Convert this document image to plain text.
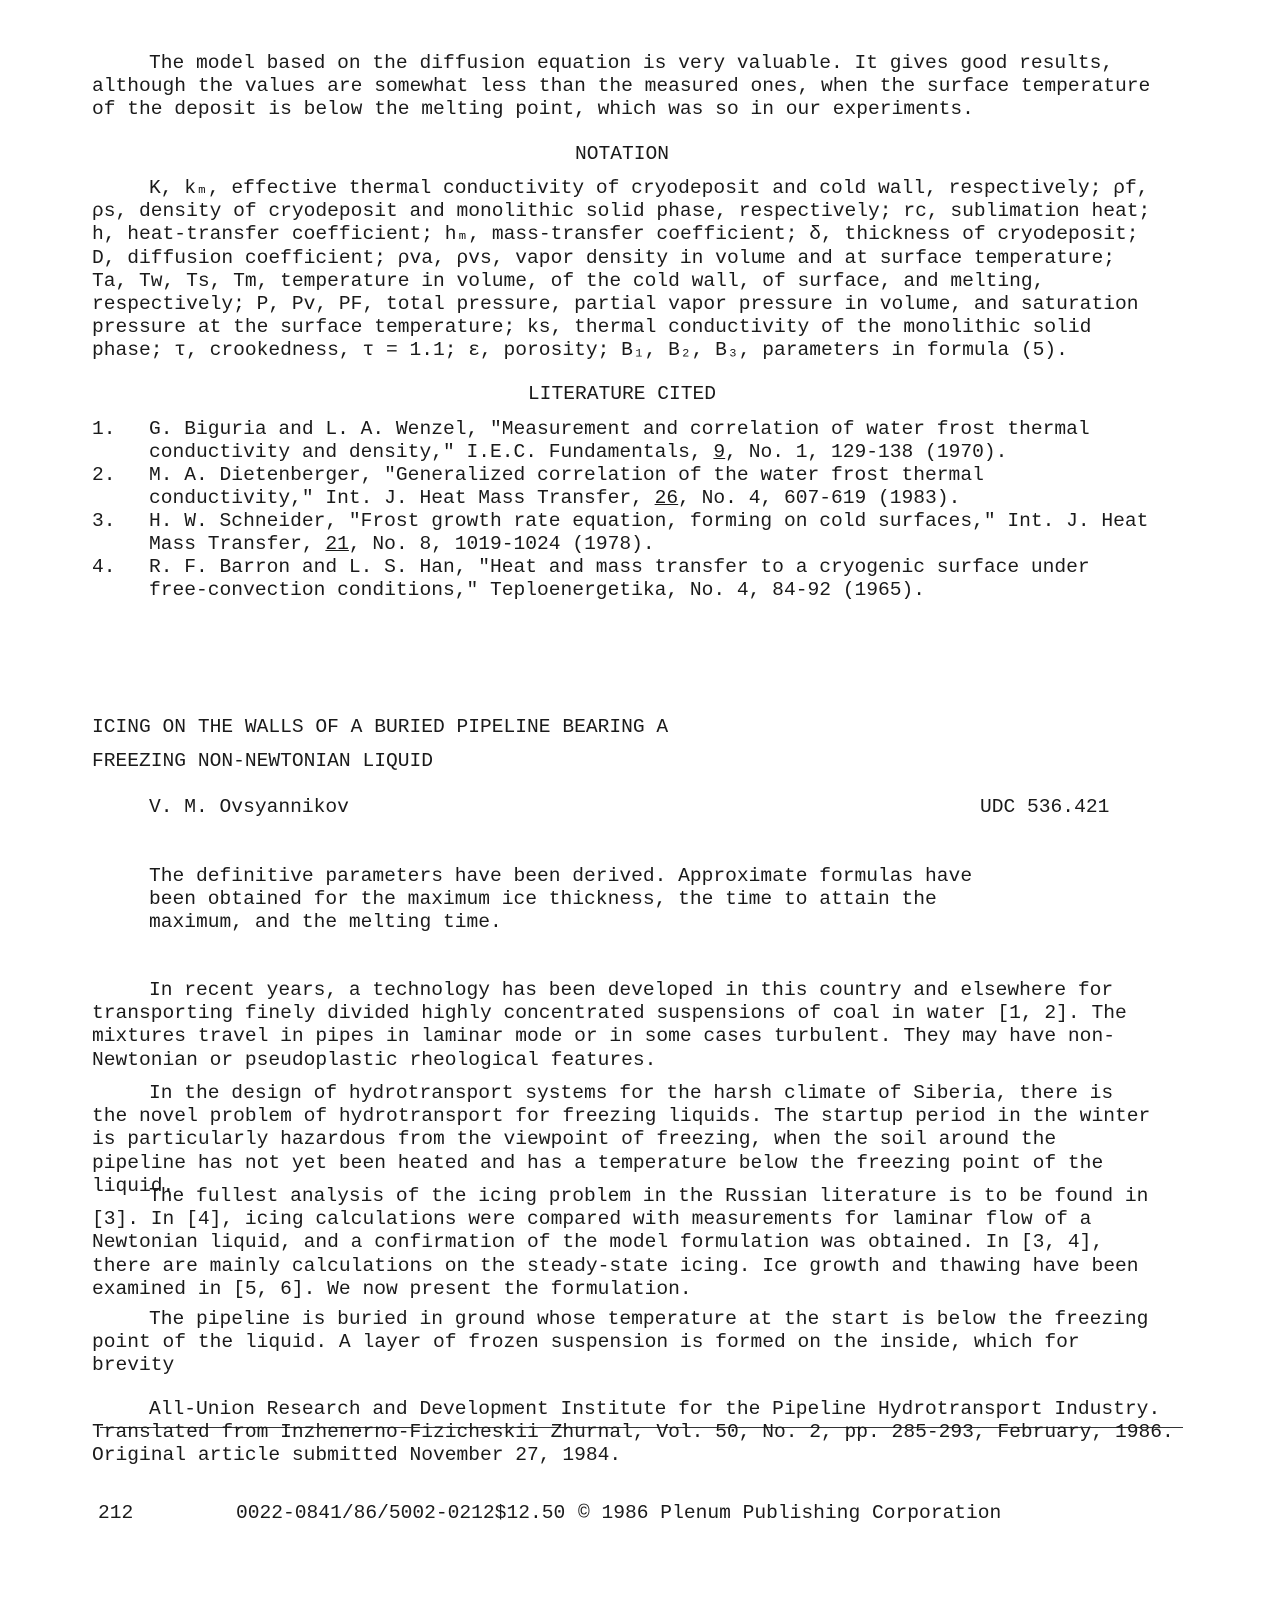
The model based on the diffusion equation is very valuable. It gives good results, although the values are somewhat less than the measured ones, when the surface temperature of the deposit is below the melting point, which was so in our experiments.

NOTATION

K, kₘ, effective thermal conductivity of cryodeposit and cold wall, respectively; ρf, ρs, density of cryodeposit and monolithic solid phase, respectively; rc, sublimation heat; h, heat-transfer coefficient; hₘ, mass-transfer coefficient; δ, thickness of cryodeposit; D, diffusion coefficient; ρva, ρvs, vapor density in volume and at surface temperature; Ta, Tw, Ts, Tm, temperature in volume, of the cold wall, of surface, and melting, respectively; P, Pv, PF, total pressure, partial vapor pressure in volume, and saturation pressure at the surface temperature; ks, thermal conductivity of the monolithic solid phase; τ, crookedness, τ = 1.1; ε, porosity; B₁, B₂, B₃, parameters in formula (5).

LITERATURE CITED

1. G. Biguria and L. A. Wenzel, "Measurement and correlation of water frost thermal conductivity and density," I.E.C. Fundamentals, 9, No. 1, 129-138 (1970).
2. M. A. Dietenberger, "Generalized correlation of the water frost thermal conductivity," Int. J. Heat Mass Transfer, 26, No. 4, 607-619 (1983).
3. H. W. Schneider, "Frost growth rate equation, forming on cold surfaces," Int. J. Heat Mass Transfer, 21, No. 8, 1019-1024 (1978).
4. R. F. Barron and L. S. Han, "Heat and mass transfer to a cryogenic surface under free-convection conditions," Teploenergetika, No. 4, 84-92 (1965).

ICING ON THE WALLS OF A BURIED PIPELINE BEARING A

FREEZING NON-NEWTONIAN LIQUID

V. M. Ovsyannikov	UDC 536.421

The definitive parameters have been derived. Approximate formulas have been obtained for the maximum ice thickness, the time to attain the maximum, and the melting time.

In recent years, a technology has been developed in this country and elsewhere for transporting finely divided highly concentrated suspensions of coal in water [1, 2]. The mixtures travel in pipes in laminar mode or in some cases turbulent. They may have non-Newtonian or pseudoplastic rheological features.

In the design of hydrotransport systems for the harsh climate of Siberia, there is the novel problem of hydrotransport for freezing liquids. The startup period in the winter is particularly hazardous from the viewpoint of freezing, when the soil around the pipeline has not yet been heated and has a temperature below the freezing point of the liquid.

The fullest analysis of the icing problem in the Russian literature is to be found in [3]. In [4], icing calculations were compared with measurements for laminar flow of a Newtonian liquid, and a confirmation of the model formulation was obtained. In [3, 4], there are mainly calculations on the steady-state icing. Ice growth and thawing have been examined in [5, 6]. We now present the formulation.

The pipeline is buried in ground whose temperature at the start is below the freezing point of the liquid. A layer of frozen suspension is formed on the inside, which for brevity

All-Union Research and Development Institute for the Pipeline Hydrotransport Industry.

Translated from Inzhenerno-Fizicheskii Zhurnal, Vol. 50, No. 2, pp. 285-293, February, 1986.

Original article submitted November 27, 1984.

212	0022-0841/86/5002-0212$12.50 © 1986 Plenum Publishing Corporation
